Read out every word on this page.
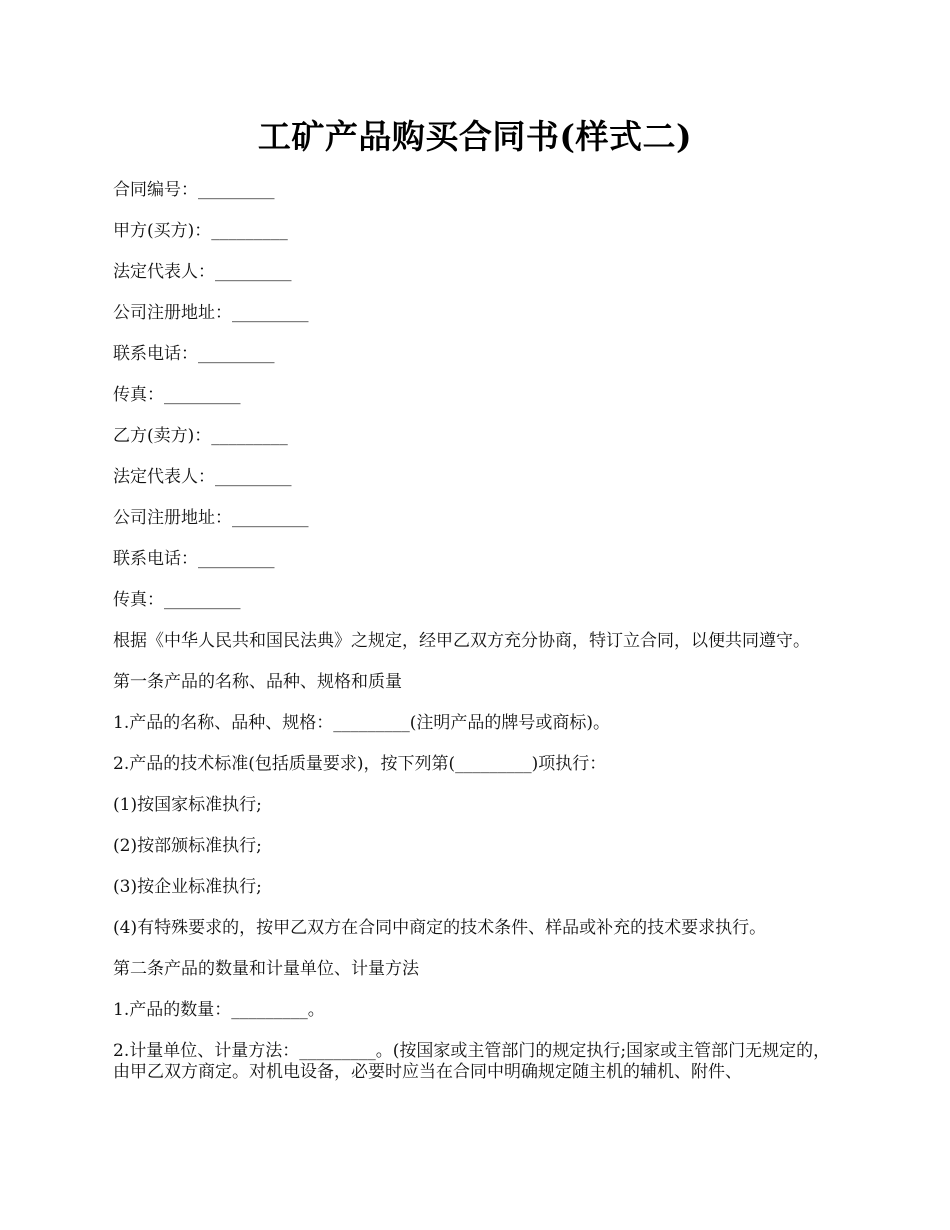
工矿产品购买合同书(样式二)

合同编号：_________

甲方(买方)：_________

法定代表人：_________

公司注册地址：_________

联系电话：_________

传真：_________

乙方(卖方)：_________

法定代表人：_________

公司注册地址：_________

联系电话：_________

传真：_________

根据《中华人民共和国民法典》之规定，经甲乙双方充分协商，特订立合同，以便共同遵守。

第一条产品的名称、品种、规格和质量

1.产品的名称、品种、规格：_________(注明产品的牌号或商标)。

2.产品的技术标准(包括质量要求)，按下列第(_________)项执行：

(1)按国家标准执行;

(2)按部颁标准执行;

(3)按企业标准执行;

(4)有特殊要求的，按甲乙双方在合同中商定的技术条件、样品或补充的技术要求执行。

第二条产品的数量和计量单位、计量方法

1.产品的数量：_________。

2.计量单位、计量方法：_________。(按国家或主管部门的规定执行;国家或主管部门无规定的，由甲乙双方商定。对机电设备，必要时应当在合同中明确规定随主机的辅机、附件、
